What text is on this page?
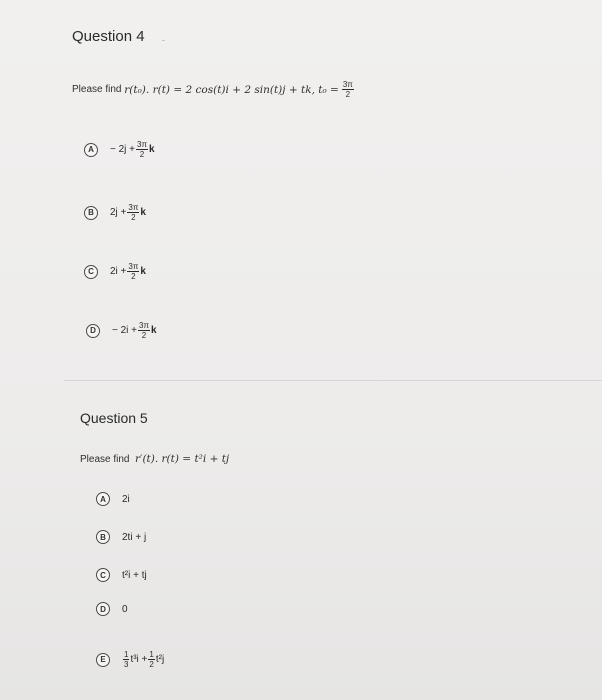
Question 4
Please find
r(t₀). r(t) = 2 cos(t)i + 2 sin(t)j + tk, $t_0 = \frac{3\pi}{2}$
A	− $2j + \frac{3\pi}{2}$ k
B	$2j + \frac{3\pi}{2}$ k
C	$2i + \frac{3\pi}{2}$ k
D	− $2i + \frac{3\pi}{2}$ k
Question 5
Please find r′(t). r(t) = t²i + tj
A	2i
B	2ti + j
C	t²i + tj
D	0
E	$\frac{1}{3} t^3i + \frac{1}{2} t^2j$
